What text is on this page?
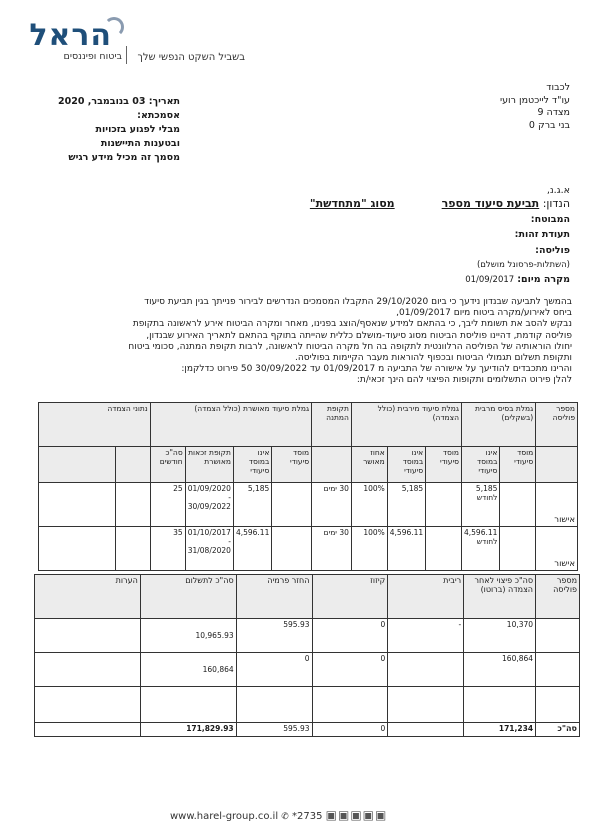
הראל
ביטוח ופיננסים בשביל השקט הנפשי שלך
לכבוד
עו"ד לייכטמן רועי
מצדה 9
בני ברק 0
תאריך: 03 בנובמבר, 2020
אסמכתא:
מבלי לפגוע בזכויות
ובטענות התיישנות
מסמך זה מכיל מידע רגיש
א.ג.נ,
הנדון: תביעת סיעוד מספר  מסוג "מתחדשת"
המבוטח:
תעודת זהות:
פוליסה:
(השתלות-פרסונל מושלם)
מקרה מיום: 01/09/2017
בהמשך לתביעה שבנדון נידעך כי ביום 29/10/2020 התקבלו המסמכים הנדרשים לבירור פנייתך בגין תביעת סיעוד
ביחס לאירוע/מקרה ביטוח מיום 01/09/2017,
נבקש להסב את תשומת ליבך, כי בהתאם למידע שנאסף/הוצג בפנינו, מאחר ומקרה הביטוח אירע לראשונה בתקופת
פוליסה קודמת, דהיינו פוליסת הביטוח מסוג סיעוד-מושלם כללית שהייתה בתוקף בהתאם לתאריך האירוע שבנדון,
יחולו הוראותיה של הפוליסה הרלוונטית לתקופה בה חל מקרה הביטוח לראשונה, לרבות תקופת המתנה, סכומי ביטוח
ותקופת תשלום תגמולי הביטוח ובכפוף להוראות מעבר הקיימות בפוליסה.
והרינו מתכבדים להודיעך על אישורה של התביעה מ 01/09/2017 עד 30/09/2022 50 פירוט כדלקמן:
להלן פירוט התשלומים ותקופות הפיצוי להם הינך זכאי/ת:
מספר פוליסה	גמלת בסיס מרבית (בשקלים)		גמלת סיעוד מירבית (כולל הצמדה)			תקופת המתנה	גמלת סיעוד מאושרת (כולל הצמדה)				נתוני הצמדה	
	מוסד סיעודי	אינו במוסד סיעודי	מוסד סיעודי	אינו במוסד סיעודי	אחוז מאושר		מוסד סיעודי	אינו במוסד סיעודי	תקופת זכאות מאושרת	סה"כ חודשים		
אישור		5,185 לחודש		5,185	100%	30 ימים		5,185	01/09/2020 - 30/09/2022	25		
אישור		4,596.11 לחודש		4,596.11	100%	30 ימים		4,596.11	01/10/2017 - 31/08/2020	35		
מספר פוליסה	סה"כ פיצוי לאחר הצמדה (ברוטו)	ריבית	קיזוז	החזר פרמיה	סה"כ לתשלום	הערות
	10,370	-	0	595.93	10,965.93	
	160,864		0	0	160,864	

סה"כ	171,234		0	595.93	171,829.93	
www.harel-group.co.il ✆ *2735 ▣▣▣▣▣
